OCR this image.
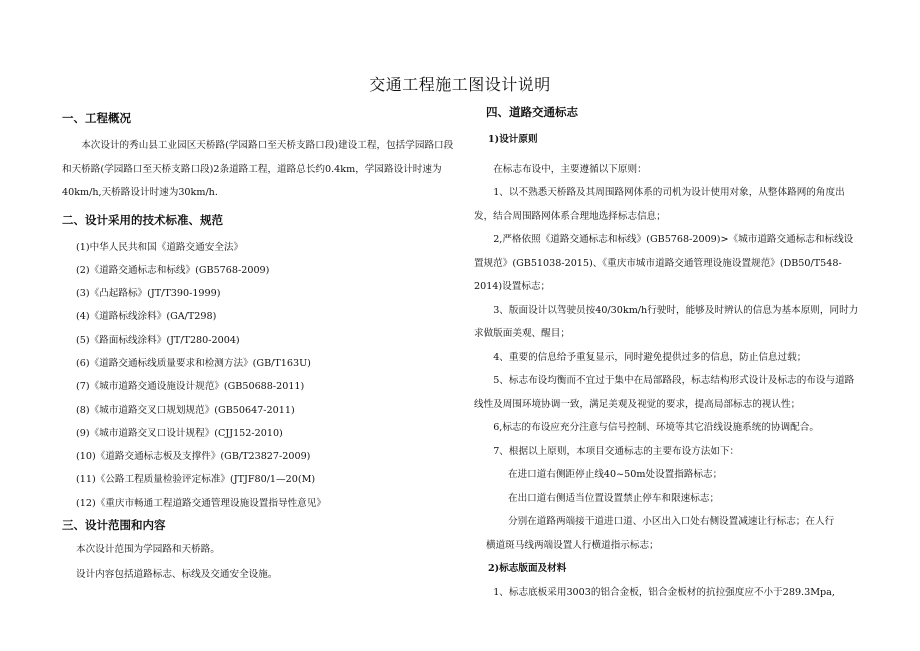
交通工程施工图设计说明

一、工程概况

本次设计的秀山县工业园区天桥路(学园路口至天桥支路口段)建设工程，包括学园路口段和天桥路(学园路口至天桥支路口段)2条道路工程，道路总长约0.4km，学园路设计时速为40km/h,天桥路设计时速为30km/h.

二、设计采用的技术标准、规范

(1)中华人民共和国《道路交通安全法》

(2)《道路交通标志和标线》(GB5768-2009)

(3)《凸起路标》(JT/T390-1999)

(4)《道路标线涂料》(GA/T298)

(5)《路面标线涂料》(JT/T280-2004)

(6)《道路交通标线质量要求和检测方法》(GB/T163U)

(7)《城市道路交通设施设计规范》(GB50688-2011)

(8)《城市道路交叉口规划规范》(GB50647-2011)

(9)《城市道路交叉口设计规程》(CJJ152-2010)

(10)《道路交通标志板及支撑件》(GB/T23827-2009)

(11)《公路工程质量检验评定标准》(JTJF80/1—20(M)

(12)《重庆市畅通工程道路交通管理设施设置指导性意见》

三、设计范围和内容

本次设计范围为学园路和天桥路。

设计内容包括道路标志、标线及交通安全设施。

四、道路交通标志

1)设计原则

在标志布设中，主要遵循以下原则：

1、以不熟悉天桥路及其周围路网体系的司机为设计使用对象，从整体路网的角度出发，结合周围路网体系合理地选择标志信息；

2,严格依照《道路交通标志和标线》(GB5768-2009)>《城市道路交通标志和标线设置规范》(GB51038-2015)、《重庆市城市道路交通管理设施设置规范》(DB50/T548-2014)设置标志；

3、版面设计以驾驶员按40/30km/h行驶时，能够及时辨认的信息为基本原则，同时力求做版面美观、醒目；

4、重要的信息给予重复显示，同时避免提供过多的信息，防止信息过载；

5、标志布设均衡而不宜过于集中在局部路段，标志结构形式设计及标志的布设与道路线性及周围环境协调一致，满足美观及视觉的要求，提高局部标志的视认性；

6,标志的布设应充分注意与信号控制、环境等其它沿线设施系统的协调配合。

7、根据以上原则，本项目交通标志的主要布设方法如下：

在进口道右侧距停止线40~50m处设置指路标志；

在出口道右侧适当位置设置禁止停车和限速标志；

分别在道路两端接干道进口道、小区出入口处右侧设置减速让行标志；在人行

横道斑马线两端设置人行横道指示标志；

2)标志版面及材料

1、标志底板采用3003的铝合金板，铝合金板材的抗拉强度应不小于289.3Mpa,
